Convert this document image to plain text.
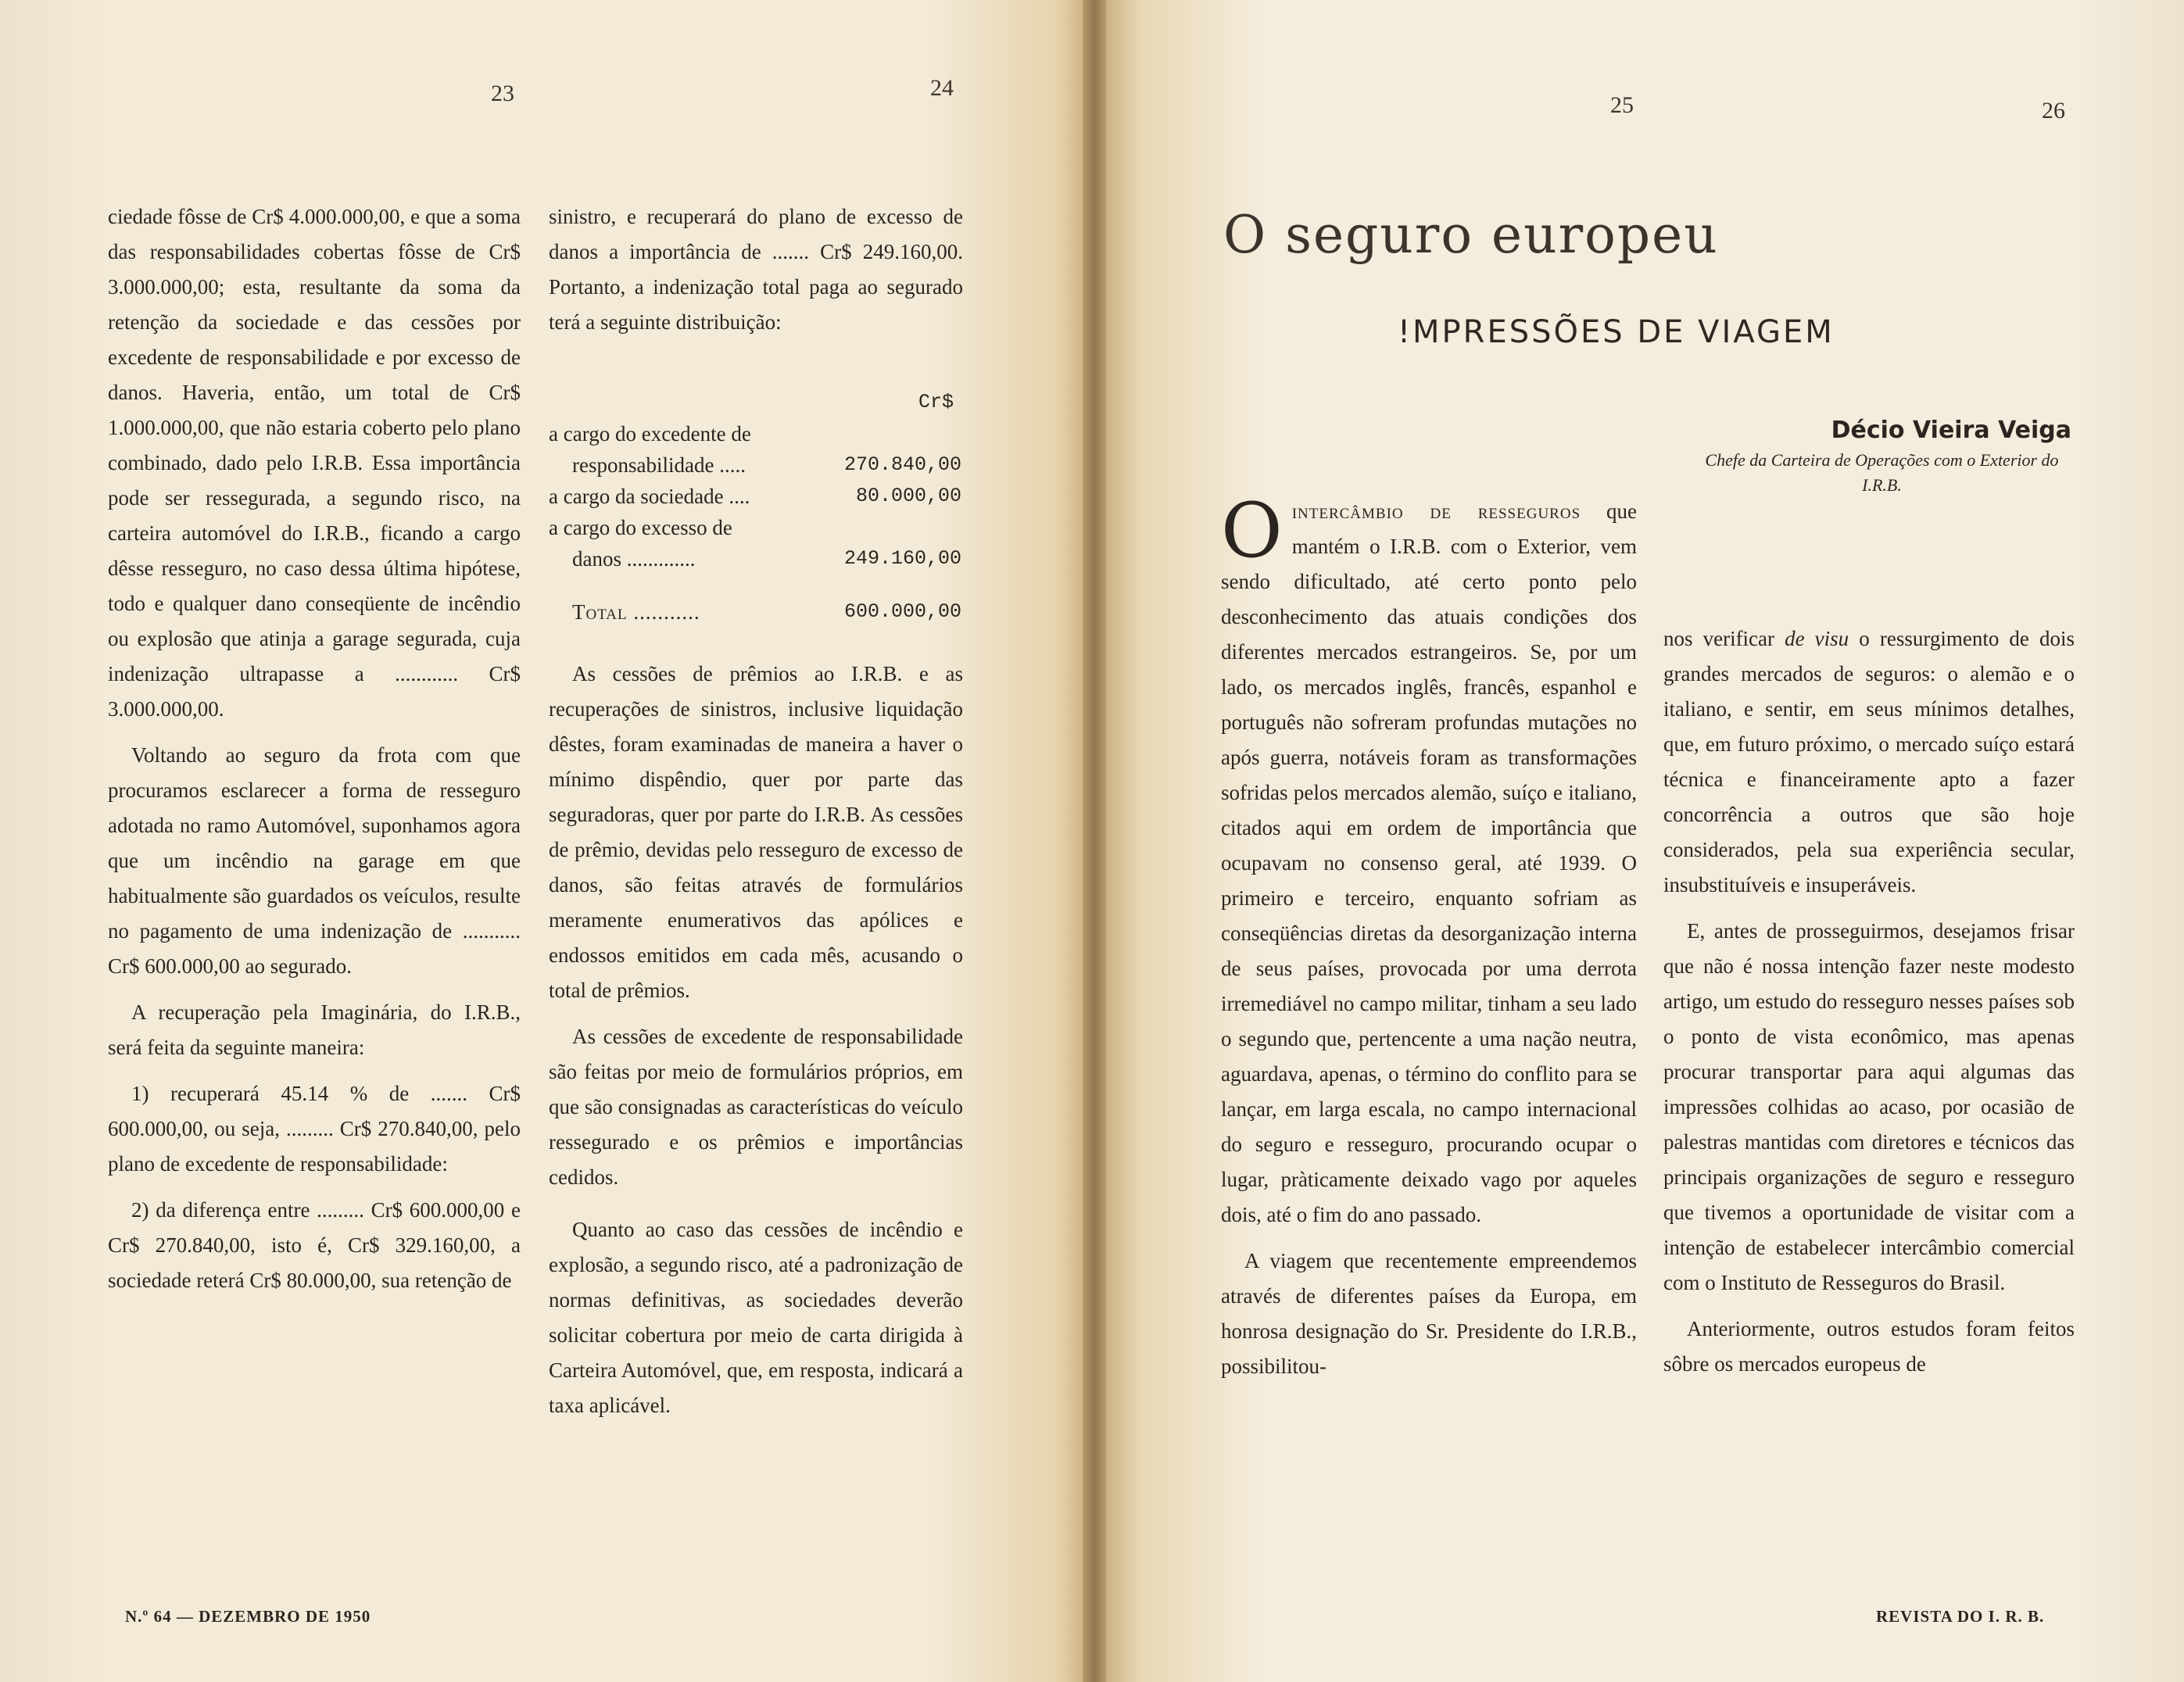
23	24
25	26

ciedade fôsse de Cr$ 4.000.000,00, e que a soma das responsabilidades cobertas fôsse de Cr$ 3.000.000,00; esta, resultante da soma da retenção da sociedade e das cessões por excedente de responsabilidade e por excesso de danos. Haveria, então, um total de Cr$ 1.000.000,00, que não estaria coberto pelo plano combinado, dado pelo I.R.B. Essa importância pode ser ressegurada, a segundo risco, na carteira automóvel do I.R.B., ficando a cargo dêsse resseguro, no caso dessa última hipótese, todo e qualquer dano conseqüente de incêndio ou explosão que atinja a garage segurada, cuja indenização ultrapasse a ............ Cr$ 3.000.000,00.

Voltando ao seguro da frota com que procuramos esclarecer a forma de resseguro adotada no ramo Automóvel, suponhamos agora que um incêndio na garage em que habitualmente são guardados os veículos, resulte no pagamento de uma indenização de ........... Cr$ 600.000,00 ao segurado.

A recuperação pela Imaginária, do I.R.B., será feita da seguinte maneira:

1) recuperará 45.14 % de ....... Cr$ 600.000,00, ou seja, ......... Cr$ 270.840,00, pelo plano de excedente de responsabilidade:

2) da diferença entre ......... Cr$ 600.000,00 e Cr$ 270.840,00, isto é, Cr$ 329.160,00, a sociedade reterá Cr$ 80.000,00, sua retenção de

sinistro, e recuperará do plano de excesso de danos a importância de ....... Cr$ 249.160,00. Portanto, a indenização total paga ao segurado terá a seguinte distribuição:

Cr$
a cargo do excedente de
responsabilidade .....	270.840,00
a cargo da sociedade ....	80.000,00
a cargo do excesso de
danos .............	249.160,00
Total ...........	600.000,00

As cessões de prêmios ao I.R.B. e as recuperações de sinistros, inclusive liquidação dêstes, foram examinadas de maneira a haver o mínimo dispêndio, quer por parte das seguradoras, quer por parte do I.R.B. As cessões de prêmio, devidas pelo resseguro de excesso de danos, são feitas através de formulários meramente enumerativos das apólices e endossos emitidos em cada mês, acusando o total de prêmios.

As cessões de excedente de responsabilidade são feitas por meio de formulários próprios, em que são consignadas as características do veículo ressegurado e os prêmios e importâncias cedidos.

Quanto ao caso das cessões de incêndio e explosão, a segundo risco, até a padronização de normas definitivas, as sociedades deverão solicitar cobertura por meio de carta dirigida à Carteira Automóvel, que, em resposta, indicará a taxa aplicável.

O seguro europeu
!MPRESSÕES DE VIAGEM

Ointercâmbio de resseguros que mantém o I.R.B. com o Exterior, vem sendo dificultado, até certo ponto pelo desconhecimento das atuais condições dos diferentes mercados estrangeiros. Se, por um lado, os mercados inglês, francês, espanhol e português não sofreram profundas mutações no após guerra, notáveis foram as transformações sofridas pelos mercados alemão, suíço e italiano, citados aqui em ordem de importância que ocupavam no consenso geral, até 1939. O primeiro e terceiro, enquanto sofriam as conseqüências diretas da desorganização interna de seus países, provocada por uma derrota irremediável no campo militar, tinham a seu lado o segundo que, pertencente a uma nação neutra, aguardava, apenas, o término do conflito para se lançar, em larga escala, no campo internacional do seguro e resseguro, procurando ocupar o lugar, pràticamente deixado vago por aqueles dois, até o fim do ano passado.

A viagem que recentemente empreendemos através de diferentes países da Europa, em honrosa designação do Sr. Presidente do I.R.B., possibilitou-

Décio Vieira Veiga
Chefe da Carteira de Operações com o Exterior do I.R.B.

nos verificar de visu o ressurgimento de dois grandes mercados de seguros: o alemão e o italiano, e sentir, em seus mínimos detalhes, que, em futuro próximo, o mercado suíço estará técnica e financeiramente apto a fazer concorrência a outros que são hoje considerados, pela sua experiência secular, insubstituíveis e insuperáveis.

E, antes de prosseguirmos, desejamos frisar que não é nossa intenção fazer neste modesto artigo, um estudo do resseguro nesses países sob o ponto de vista econômico, mas apenas procurar transportar para aqui algumas das impressões colhidas ao acaso, por ocasião de palestras mantidas com diretores e técnicos das principais organizações de seguro e resseguro que tivemos a oportunidade de visitar com a intenção de estabelecer intercâmbio comercial com o Instituto de Resseguros do Brasil.

Anteriormente, outros estudos foram feitos sôbre os mercados europeus de

N.º 64 — DEZEMBRO DE 1950	REVISTA DO I. R. B.
